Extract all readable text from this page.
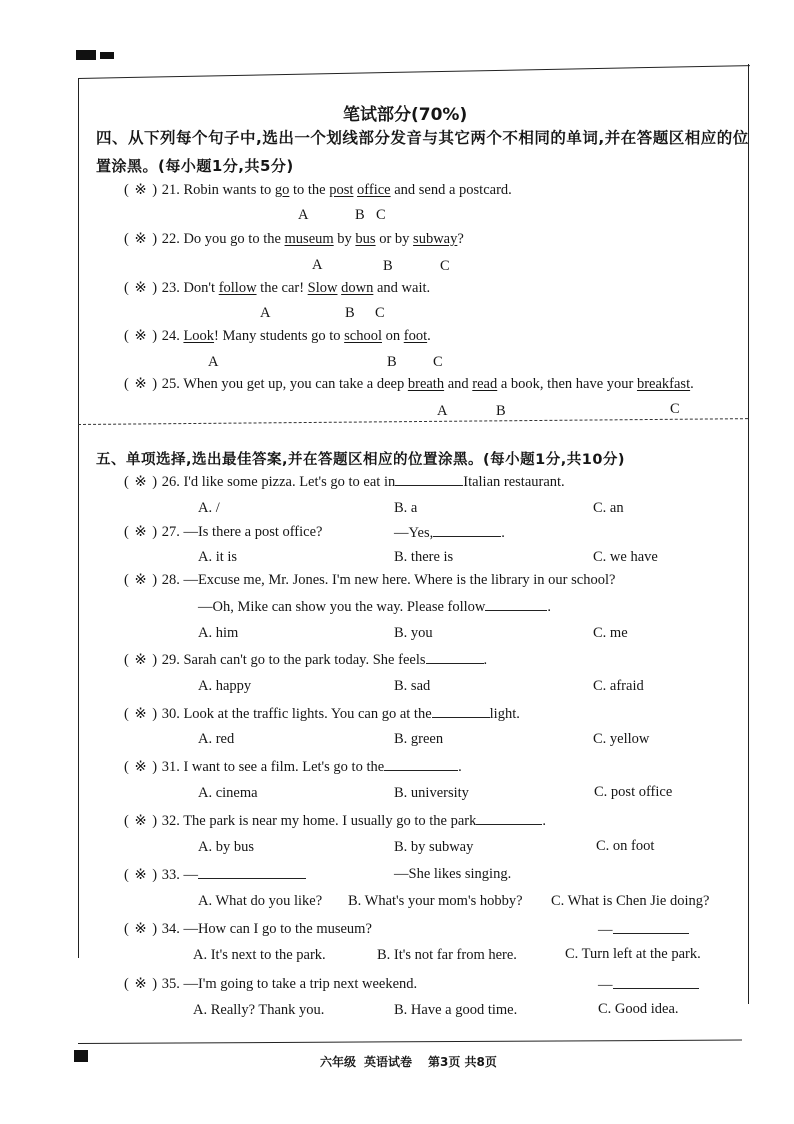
笔试部分(70%)
四、从下列每个句子中,选出一个划线部分发音与其它两个不相同的单词,并在答题区相应的位
置涂黑。(每小题1分,共5分)
( ※ ) 21. Robin wants to go to the post office and send a postcard.
A	B C
( ※ ) 22. Do you go to the museum by bus or by subway?
A	B	C
( ※ ) 23. Don't follow the car! Slow down and wait.
A	B C
( ※ ) 24. Look! Many students go to school on foot.
A	B	C
( ※ ) 25. When you get up, you can take a deep breath and read a book, then have your breakfast.
A	B	C
五、单项选择,选出最佳答案,并在答题区相应的位置涂黑。(每小题1分,共10分)
( ※ ) 26. I'd like some pizza. Let's go to eat in	Italian restaurant.
A. /	B. a	C. an
( ※ ) 27. —Is there a post office?	—Yes,	.
A. it is	B. there is	C. we have
( ※ ) 28. —Excuse me, Mr. Jones. I'm new here. Where is the library in our school?
—Oh, Mike can show you the way. Please follow	.
A. him	B. you	C. me
( ※ ) 29. Sarah can't go to the park today. She feels	.
A. happy	B. sad	C. afraid
( ※ ) 30. Look at the traffic lights. You can go at the	light.
A. red	B. green	C. yellow
( ※ ) 31. I want to see a film. Let's go to the	.
A. cinema	B. university	C. post office
( ※ ) 32. The park is near my home. I usually go to the park	.
A. by bus	B. by subway	C. on foot
( ※ ) 33. —	—She likes singing.
A. What do you like? B. What's your mom's hobby? C. What is Chen Jie doing?
( ※ ) 34. —How can I go to the museum?	—
A. It's next to the park.	B. It's not far from here.	C. Turn left at the park.
( ※ ) 35. —I'm going to take a trip next weekend.	—
A. Really? Thank you.	B. Have a good time.	C. Good idea.
六年级 英语试卷 第3页 共8页
